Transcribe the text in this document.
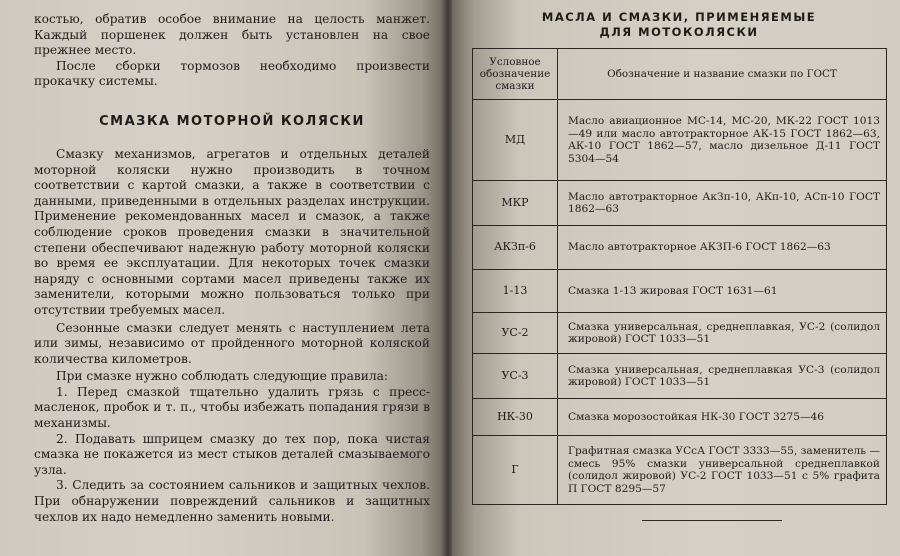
костью, обратив особое внимание на целость манжет. Каждый поршенек должен быть установлен на свое прежнее место.

После сборки тормозов необходимо произвести прокачку системы.

СМАЗКА МОТОРНОЙ КОЛЯСКИ

Смазку механизмов, агрегатов и отдельных деталей моторной коляски нужно производить в точном соответствии с картой смазки, а также в соответствии с данными, приведенными в отдельных разделах инструкции. Применение рекомендованных масел и смазок, а также соблюдение сроков проведения смазки в значительной степени обеспечивают надежную работу моторной коляски во время ее эксплуатации. Для некоторых точек смазки наряду с основными сортами масел приведены также их заменители, которыми можно пользоваться только при отсутствии требуемых масел.

Сезонные смазки следует менять с наступлением лета или зимы, независимо от пройденного моторной коляской количества километров.

При смазке нужно соблюдать следующие правила:

1. Перед смазкой тщательно удалить грязь с пресс-масленок, пробок и т. п., чтобы избежать попадания грязи в механизмы.

2. Подавать шприцем смазку до тех пор, пока чистая смазка не покажется из мест стыков деталей смазываемого узла.

3. Следить за состоянием сальников и защитных чехлов. При обнаружении повреждений сальников и защитных чехлов их надо немедленно заменить новыми.

МАСЛА И СМАЗКИ, ПРИМЕНЯЕМЫЕ
ДЛЯ МОТОКОЛЯСКИ
Условное обозначение смазки	Обозначение и название смазки по ГОСТ
МД	Масло авиационное МС-14, МС-20, МК-22 ГОСТ 1013—49 или масло автотракторное АК-15 ГОСТ 1862—63, АК-10 ГОСТ 1862—57, масло дизельное Д-11 ГОСТ 5304—54
МКР	Масло автотракторное АкЗп-10, АКп-10, АСп-10 ГОСТ 1862—63
АКЗп-6	Масло автотракторное АКЗП-6 ГОСТ 1862—63
1-13	Смазка 1-13 жировая ГОСТ 1631—61
УС-2	Смазка универсальная, среднеплавкая, УС-2 (солидол жировой) ГОСТ 1033—51
УС-3	Смазка универсальная, среднеплавкая УС-3 (солидол жировой) ГОСТ 1033—51
НК-30	Смазка морозостойкая НК-30 ГОСТ 3275—46
Г	Графитная смазка УСсА ГОСТ 3333—55, заменитель — смесь 95% смазки универсальной среднеплавкой (солидол жировой) УС-2 ГОСТ 1033—51 с 5% графита П ГОСТ 8295—57
